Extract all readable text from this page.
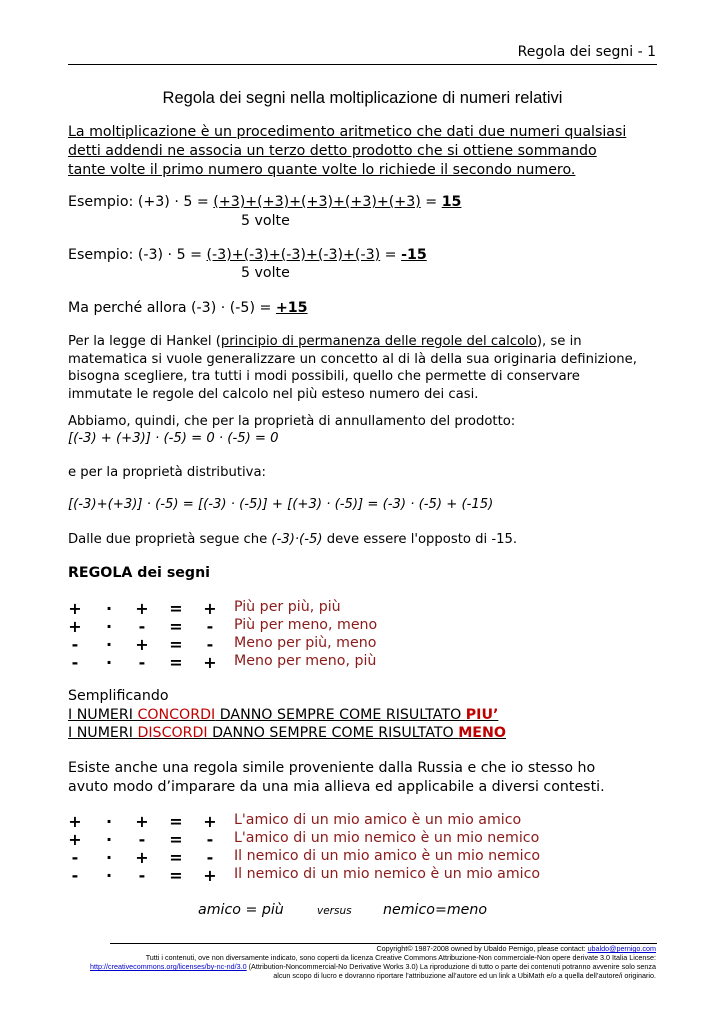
Regola dei segni - 1
Regola dei segni nella moltiplicazione di numeri relativi
La moltiplicazione è un procedimento aritmetico che dati due numeri qualsiasi
detti addendi ne associa un terzo detto prodotto che si ottiene sommando
tante volte il primo numero quante volte lo richiede il secondo numero.
Esempio: (+3) · 5 = (+3)+(+3)+(+3)+(+3)+(+3) = 15
5 volte
Esempio: (-3) · 5 = (-3)+(-3)+(-3)+(-3)+(-3) = -15
5 volte
Ma perché allora (-3) · (-5) = +15
Per la legge di Hankel (principio di permanenza delle regole del calcolo), se in
matematica si vuole generalizzare un concetto al di là della sua originaria definizione,
bisogna scegliere, tra tutti i modi possibili, quello che permette di conservare
immutate le regole del calcolo nel più esteso numero dei casi.
Abbiamo, quindi, che per la proprietà di annullamento del prodotto:
[(-3) + (+3)] · (-5) = 0 · (-5) = 0
e per la proprietà distributiva:
[(-3)+(+3)] · (-5) = [(-3) · (-5)] + [(+3) · (-5)] = (-3) · (-5) + (-15)
Dalle due proprietà segue che (-3)·(-5) deve essere l'opposto di -15.
REGOLA dei segni
+ · + = + Più per più, più
+ · - = - Più per meno, meno
- · + = - Meno per più, meno
- · - = + Meno per meno, più
Semplificando
I NUMERI CONCORDI DANNO SEMPRE COME RISULTATO PIU’
I NUMERI DISCORDI DANNO SEMPRE COME RISULTATO MENO
Esiste anche una regola simile proveniente dalla Russia e che io stesso ho
avuto modo d’imparare da una mia allieva ed applicabile a diversi contesti.
+ · + = + L'amico di un mio amico è un mio amico
+ · - = - L'amico di un mio nemico è un mio nemico
- · + = - Il nemico di un mio amico è un mio nemico
- · - = + Il nemico di un mio nemico è un mio amico
amico = più	versus nemico=meno
Copyright© 1987-2008 owned by Ubaldo Pernigo, please contact: ubaldo@pernigo.com
Tutti i contenuti, ove non diversamente indicato, sono coperti da licenza Creative Commons Attribuzione-Non commerciale-Non opere derivate 3.0 Italia License:
http://creativecommons.org/licenses/by-nc-nd/3.0 (Attribution-Noncommercial-No Derivative Works 3.0) La riproduzione di tutto o parte dei contenuti potranno avvenire solo senza
alcun scopo di lucro e dovranno riportare l’attribuzione all’autore ed un link a UbiMath e/o a quella dell’autore/i originario.
